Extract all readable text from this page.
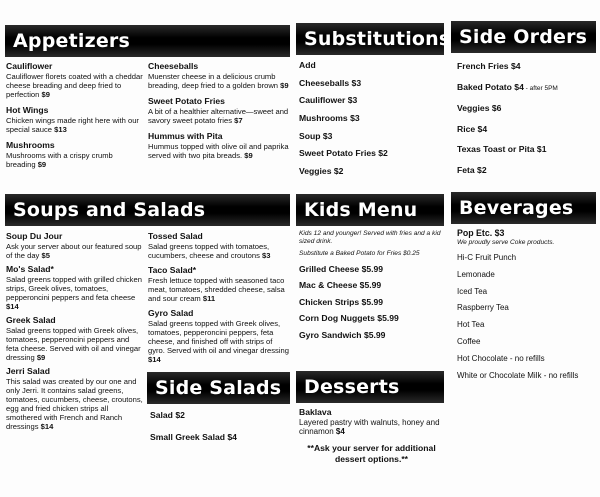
Appetizers	Substitutions Side Orders
Soups and Salads	Kids Menu	Beverages
Side Salads	Desserts
Cauliflower
Cauliflower florets coated with a cheddar cheese breading and deep fried to perfection $9
Hot Wings
Chicken wings made right here with our special sauce $13
Mushrooms
Mushrooms with a crispy crumb breading $9
Cheeseballs
Muenster cheese in a delicious crumb breading, deep fried to a golden brown $9
Sweet Potato Fries
A bit of a healthier alternative—sweet and savory sweet potato fries $7
Hummus with Pita
Hummus topped with olive oil and paprika served with two pita breads. $9
Add
Cheeseballs $3
Cauliflower $3
Mushrooms $3
Soup $3
Sweet Potato Fries $2
Veggies $2
French Fries $4
Baked Potato $4 - after 5PM
Veggies $6
Rice $4
Texas Toast or Pita $1
Feta $2
Soup Du Jour
Ask your server about our featured soup of the day $5
Mo's Salad*
Salad greens topped with grilled chicken strips, Greek olives, tomatoes, pepperoncini peppers and feta cheese $14
Greek Salad
Salad greens topped with Greek olives, tomatoes, pepperoncini peppers and feta cheese. Served with oil and vinegar dressing $9
Jerri Salad
This salad was created by our one and only Jerri. It contains salad greens, tomatoes, cucumbers, cheese, croutons, egg and fried chicken strips all smothered with French and Ranch dressings $14
Tossed Salad
Salad greens topped with tomatoes, cucumbers, cheese and croutons $3
Taco Salad*
Fresh lettuce topped with seasoned taco meat, tomatoes, shredded cheese, salsa and sour cream $11
Gyro Salad
Salad greens topped with Greek olives, tomatoes, pepperoncini peppers, feta cheese, and finished off with strips of gyro. Served with oil and vinegar dressing $14
Kids 12 and younger! Served with fries and a kid sized drink.
Substitute a Baked Potato for Fries $0.25
Grilled Cheese $5.99
Mac & Cheese $5.99
Chicken Strips $5.99
Corn Dog Nuggets $5.99
Gyro Sandwich $5.99
Pop Etc. $3
We proudly serve Coke products.
Hi-C Fruit Punch
Lemonade
Iced Tea
Raspberry Tea
Hot Tea
Coffee
Hot Chocolate - no refills
White or Chocolate Milk - no refills
Salad $2
Small Greek Salad $4
Baklava
Layered pastry with walnuts, honey and cinnamon $4
**Ask your server for additional
dessert options.**
